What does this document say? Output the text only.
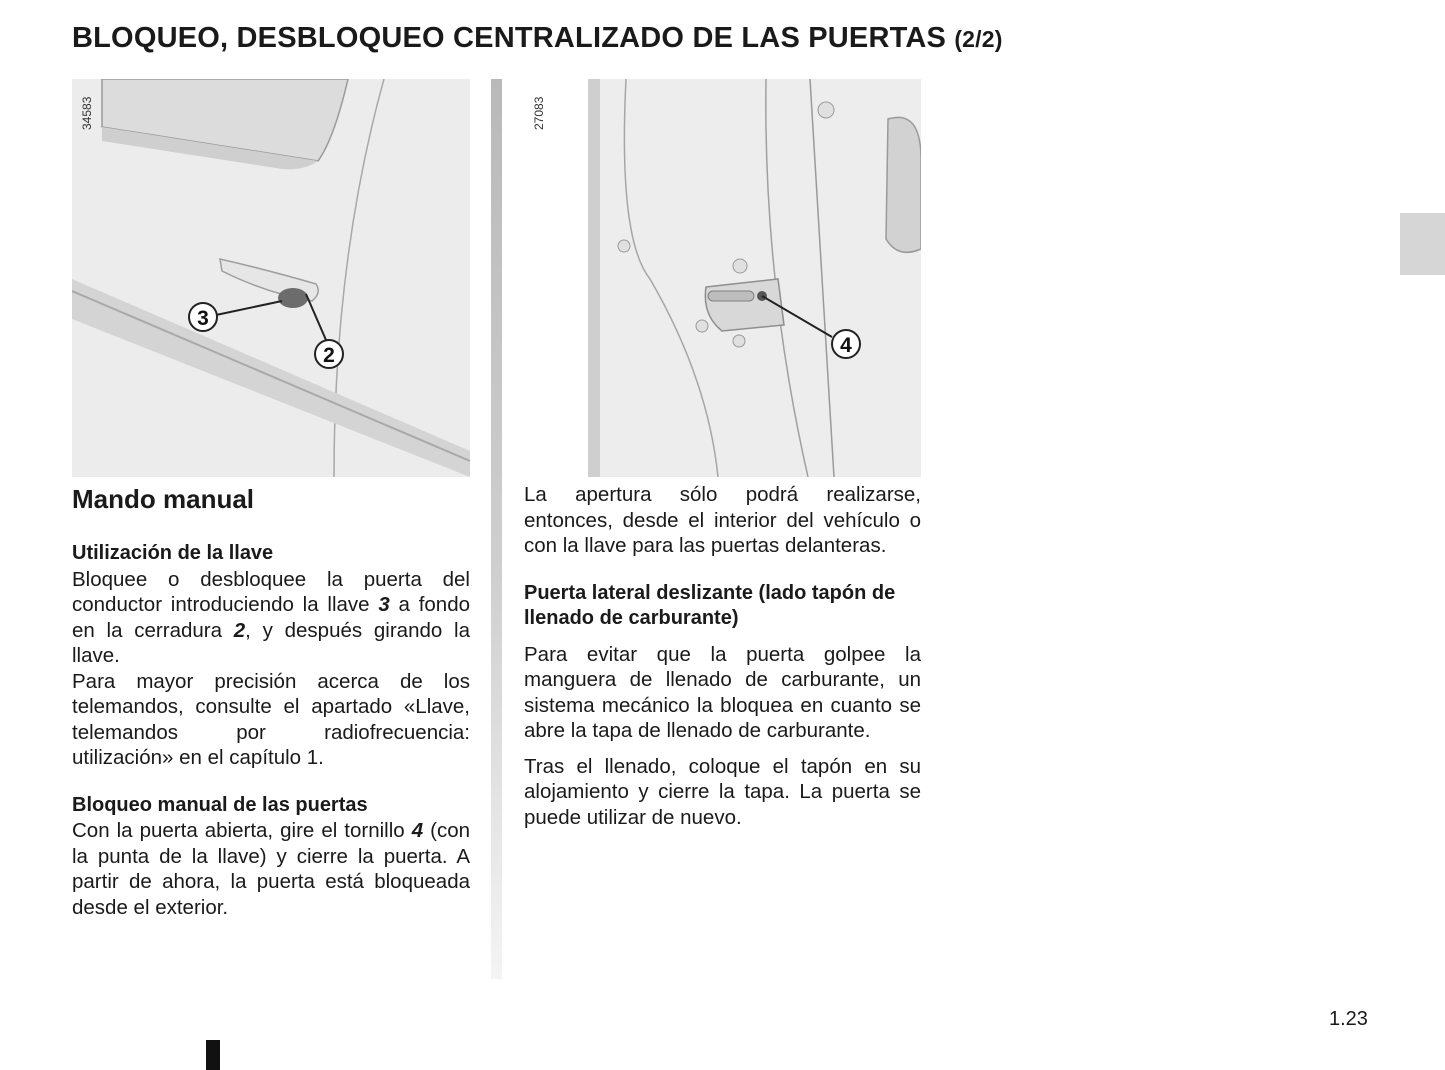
BLOQUEO, DESBLOQUEO CENTRALIZADO DE LAS PUERTAS (2/2)
3
2
34583
4
27083
Mando manual
Utilización de la llave

Bloquee o desbloquee la puerta del conductor introduciendo la llave 3 a fondo en la cerradura 2, y después girando la llave.

Para mayor precisión acerca de los telemandos, consulte el apartado «Llave, telemandos por radiofrecuencia: utilización» en el capítulo 1.

Bloqueo manual de las puertas

Con la puerta abierta, gire el tornillo 4 (con la punta de la llave) y cierre la puerta. A partir de ahora, la puerta está bloqueada desde el exterior.

La apertura sólo podrá realizarse, entonces, desde el interior del vehículo o con la llave para las puertas delanteras.

Puerta lateral deslizante (lado tapón de llenado de carburante)

Para evitar que la puerta golpee la manguera de llenado de carburante, un sistema mecánico la bloquea en cuanto se abre la tapa de llenado de carburante.

Tras el llenado, coloque el tapón en su alojamiento y cierre la tapa. La puerta se puede utilizar de nuevo.

1.23
